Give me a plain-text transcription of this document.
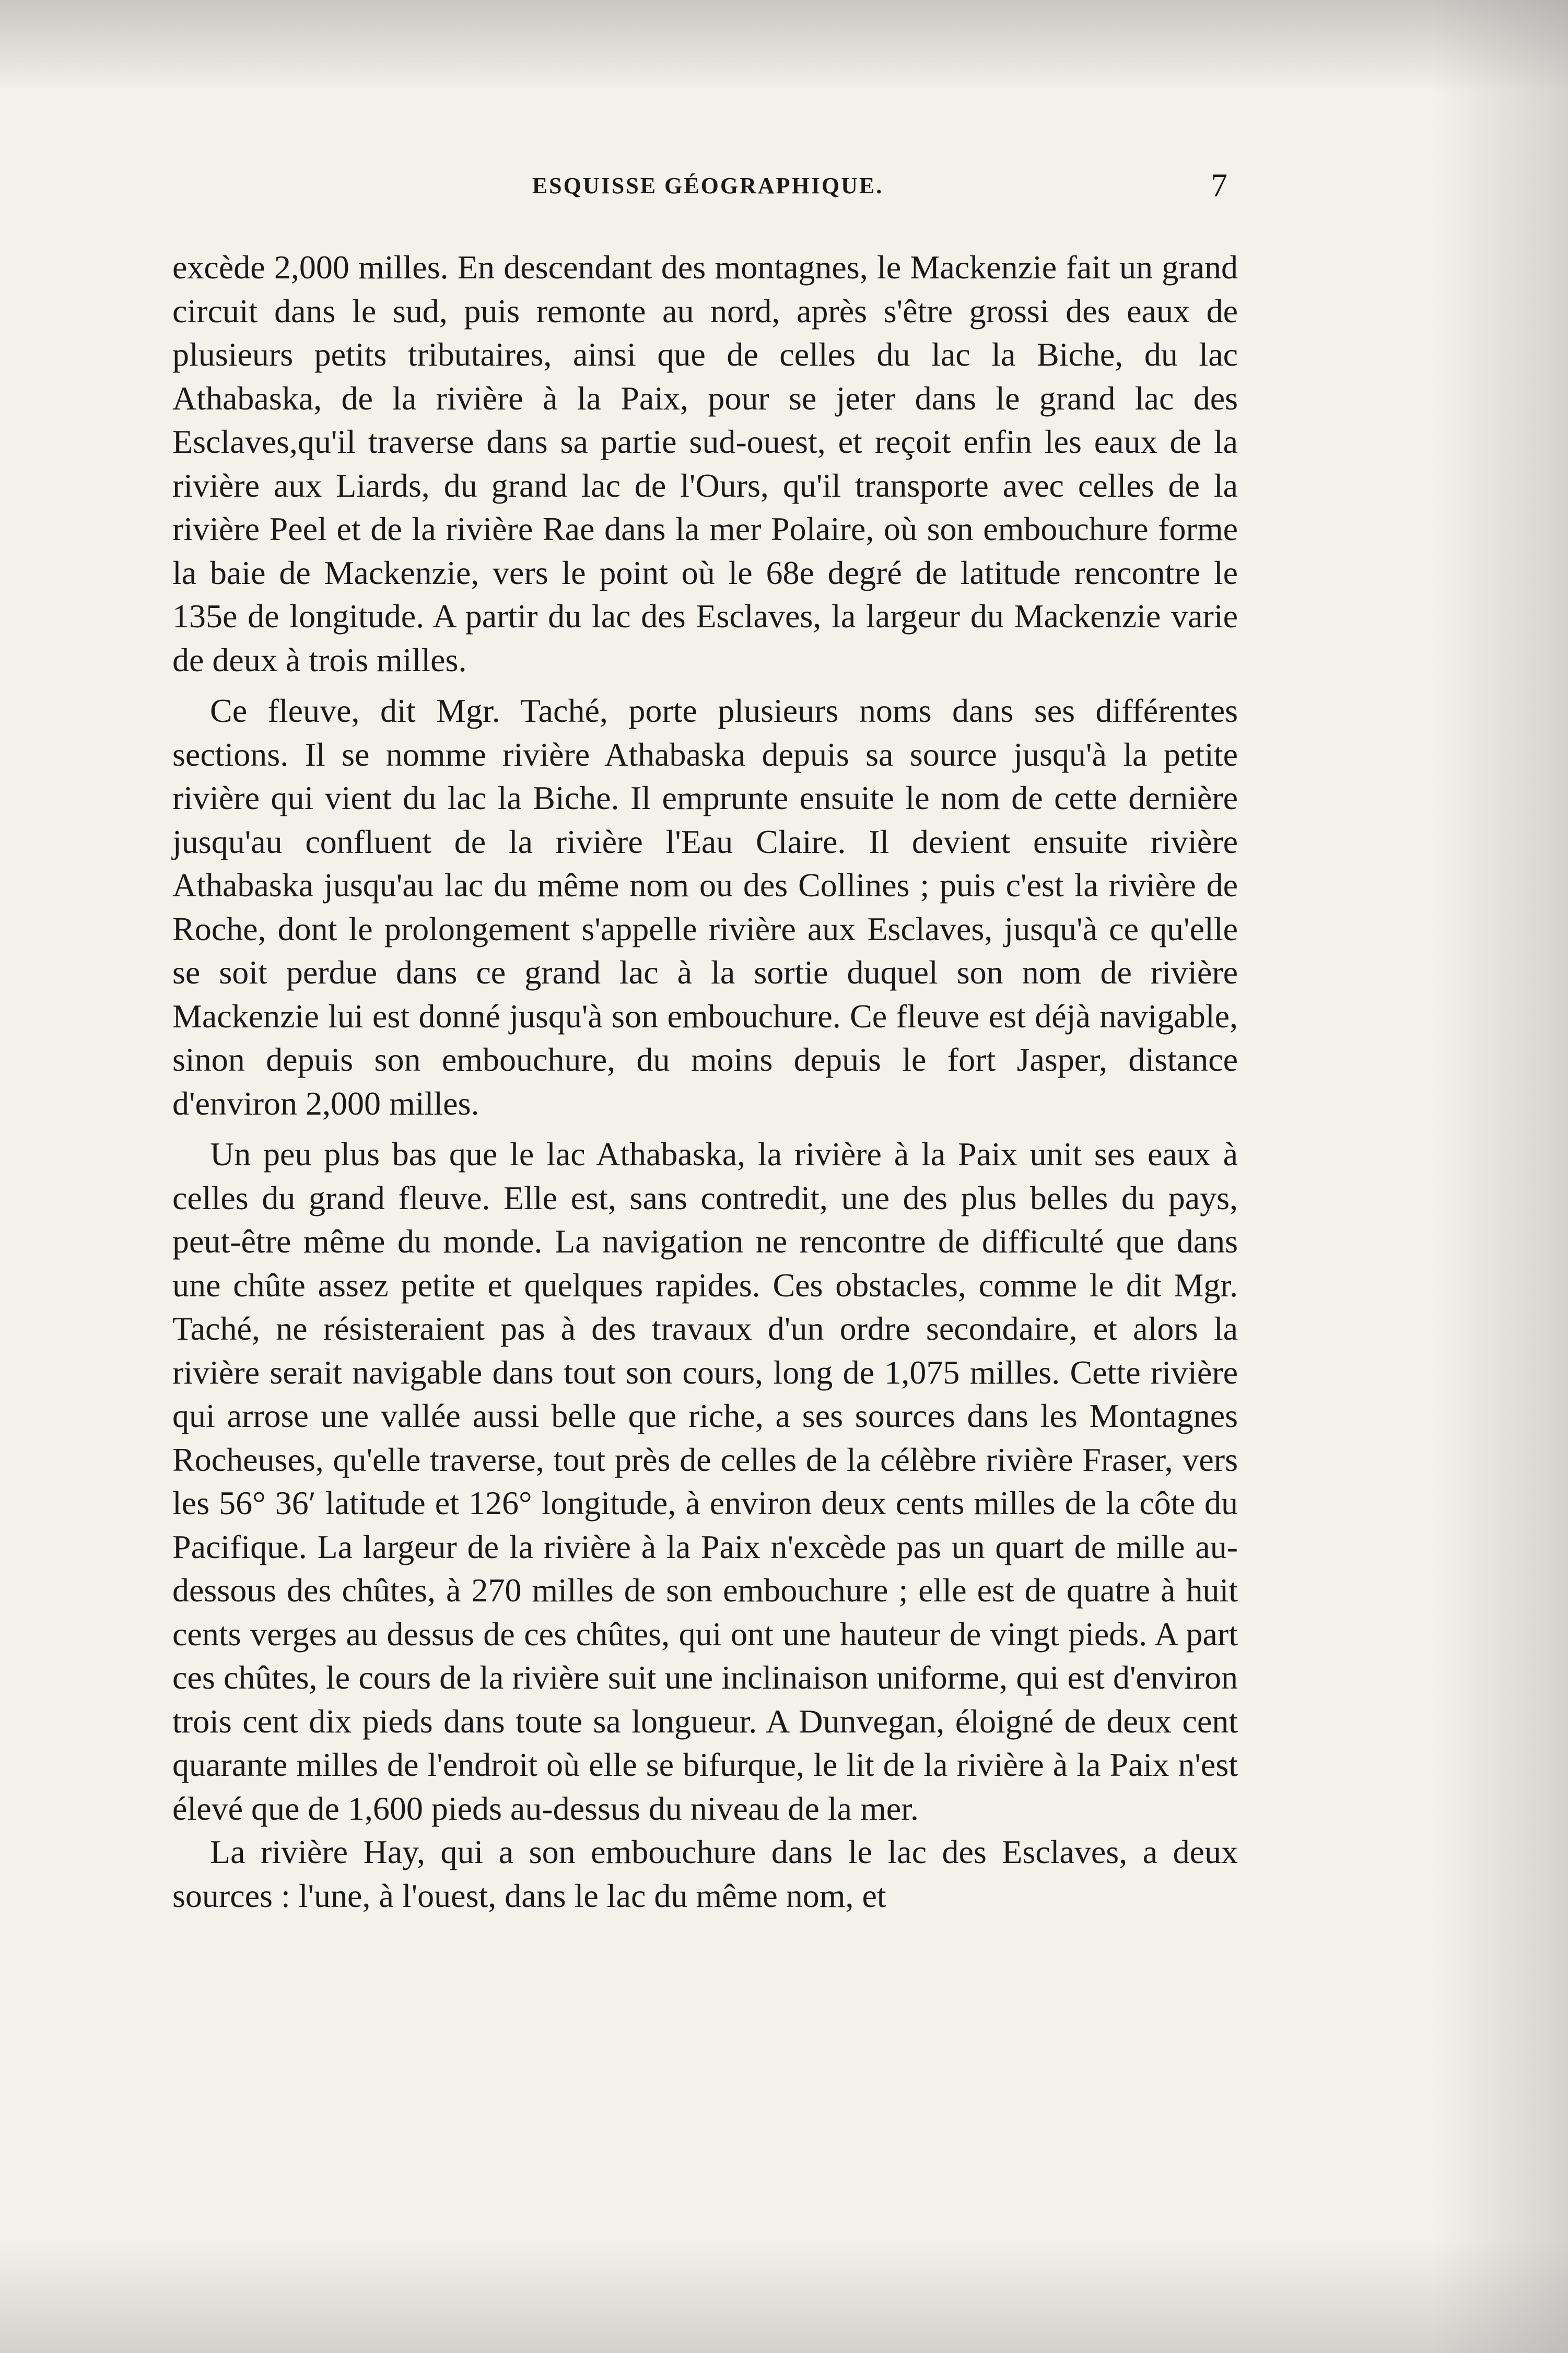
ESQUISSE GÉOGRAPHIQUE.	7

excède 2,000 milles. En descendant des montagnes, le Mackenzie fait un grand circuit dans le sud, puis remonte au nord, après s'être grossi des eaux de plusieurs petits tributaires, ainsi que de celles du lac la Biche, du lac Athabaska, de la rivière à la Paix, pour se jeter dans le grand lac des Esclaves,qu'il traverse dans sa partie sud-ouest, et reçoit enfin les eaux de la rivière aux Liards, du grand lac de l'Ours, qu'il transporte avec celles de la rivière Peel et de la rivière Rae dans la mer Polaire, où son embouchure forme la baie de Mackenzie, vers le point où le 68e degré de latitude rencontre le 135e de longitude. A partir du lac des Esclaves, la largeur du Mackenzie varie de deux à trois milles.

Ce fleuve, dit Mgr. Taché, porte plusieurs noms dans ses différentes sections. Il se nomme rivière Athabaska depuis sa source jusqu'à la petite rivière qui vient du lac la Biche. Il emprunte ensuite le nom de cette dernière jusqu'au confluent de la rivière l'Eau Claire. Il devient ensuite rivière Athabaska jusqu'au lac du même nom ou des Collines ; puis c'est la rivière de Roche, dont le prolongement s'appelle rivière aux Esclaves, jusqu'à ce qu'elle se soit perdue dans ce grand lac à la sortie duquel son nom de rivière Mackenzie lui est donné jusqu'à son embouchure. Ce fleuve est déjà navigable, sinon depuis son embouchure, du moins depuis le fort Jasper, distance d'environ 2,000 milles.

Un peu plus bas que le lac Athabaska, la rivière à la Paix unit ses eaux à celles du grand fleuve. Elle est, sans contredit, une des plus belles du pays, peut-être même du monde. La navigation ne rencontre de difficulté que dans une chûte assez petite et quelques rapides. Ces obstacles, comme le dit Mgr. Taché, ne résisteraient pas à des travaux d'un ordre secondaire, et alors la rivière serait navigable dans tout son cours, long de 1,075 milles. Cette rivière qui arrose une vallée aussi belle que riche, a ses sources dans les Montagnes Rocheuses, qu'elle traverse, tout près de celles de la célèbre rivière Fraser, vers les 56° 36′ latitude et 126° longitude, à environ deux cents milles de la côte du Pacifique. La largeur de la rivière à la Paix n'excède pas un quart de mille au-dessous des chûtes, à 270 milles de son embouchure ; elle est de quatre à huit cents verges au dessus de ces chûtes, qui ont une hauteur de vingt pieds. A part ces chûtes, le cours de la rivière suit une inclinaison uniforme, qui est d'environ trois cent dix pieds dans toute sa longueur. A Dunvegan, éloigné de deux cent quarante milles de l'endroit où elle se bifurque, le lit de la rivière à la Paix n'est élevé que de 1,600 pieds au-dessus du niveau de la mer.

La rivière Hay, qui a son embouchure dans le lac des Esclaves, a deux sources : l'une, à l'ouest, dans le lac du même nom, et
